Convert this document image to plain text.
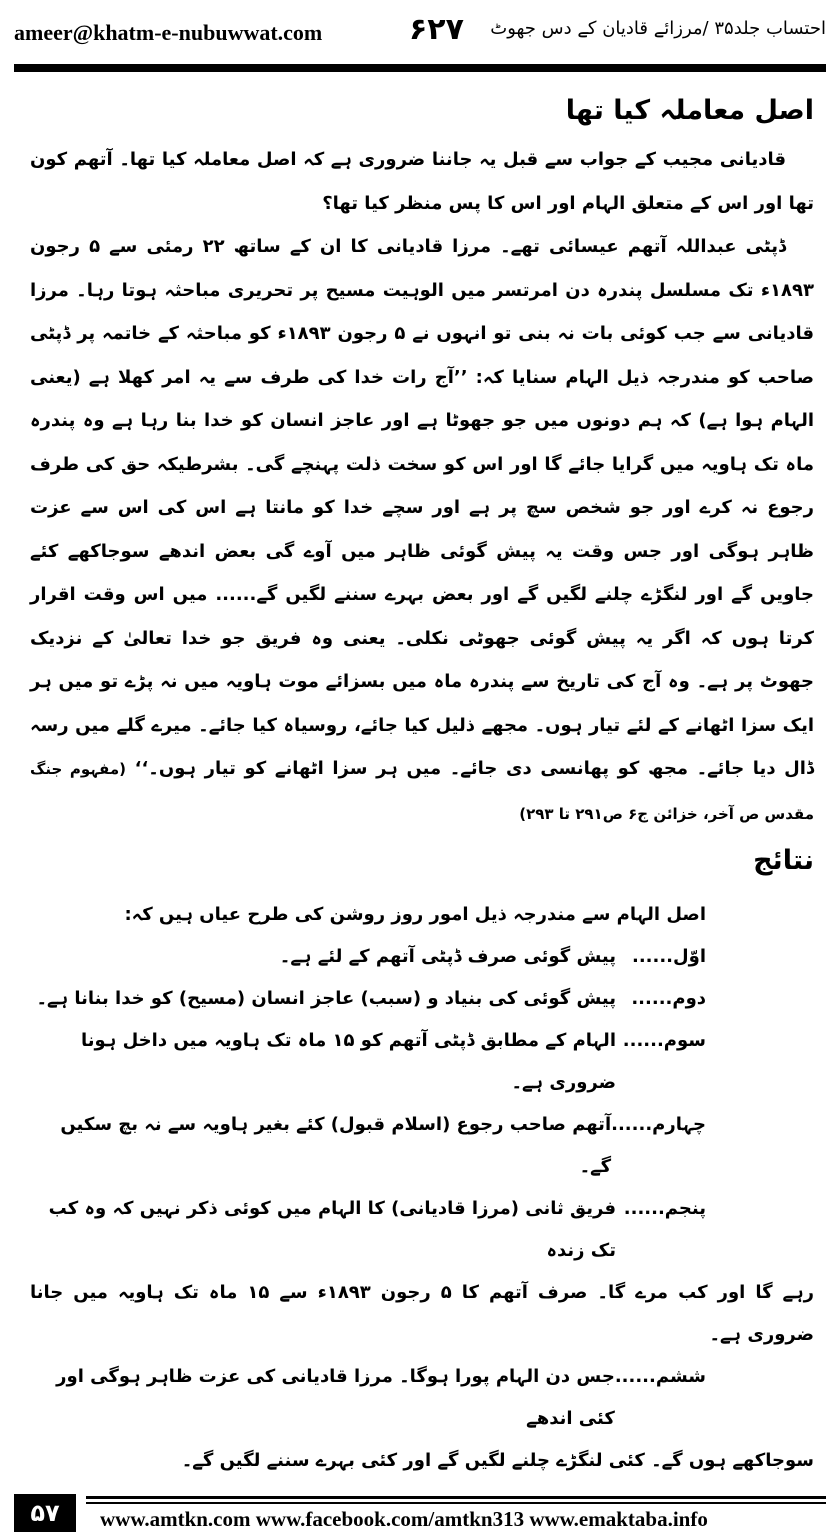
ameer@khatm-e-nubuwwat.com	۶۲۷ احتساب جلد۳۵ /مرزائے قادیان کے دس جھوٹ
اصل معاملہ کیا تھا

قادیانی مجیب کے جواب سے قبل یہ جاننا ضروری ہے کہ اصل معاملہ کیا تھا۔ آتھم کون تھا اور اس کے متعلق الہام اور اس کا پس منظر کیا تھا؟

ڈپٹی عبداللہ آتھم عیسائی تھے۔ مرزا قادیانی کا ان کے ساتھ ۲۲ رمئی سے ۵ رجون ۱۸۹۳ء تک مسلسل پندرہ دن امرتسر میں الوہیت مسیح پر تحریری مباحثہ ہوتا رہا۔ مرزا قادیانی سے جب کوئی بات نہ بنی تو انہوں نے ۵ رجون ۱۸۹۳ء کو مباحثہ کے خاتمہ پر ڈپٹی صاحب کو مندرجہ ذیل الہام سنایا کہ: ’’آج رات خدا کی طرف سے یہ امر کھلا ہے (یعنی الہام ہوا ہے) کہ ہم دونوں میں جو جھوٹا ہے اور عاجز انسان کو خدا بنا رہا ہے وہ پندرہ ماہ تک ہاویہ میں گرایا جائے گا اور اس کو سخت ذلت پہنچے گی۔ بشرطیکہ حق کی طرف رجوع نہ کرے اور جو شخص سچ پر ہے اور سچے خدا کو مانتا ہے اس کی اس سے عزت ظاہر ہوگی اور جس وقت یہ پیش گوئی ظاہر میں آوے گی بعض اندھے سوجاکھے کئے جاویں گے اور لنگڑے چلنے لگیں گے اور بعض بہرے سننے لگیں گے...... میں اس وقت اقرار کرتا ہوں کہ اگر یہ پیش گوئی جھوٹی نکلی۔ یعنی وہ فریق جو خدا تعالیٰ کے نزدیک جھوٹ پر ہے۔ وہ آج کی تاریخ سے پندرہ ماہ میں بسزائے موت ہاویہ میں نہ پڑے تو میں ہر ایک سزا اٹھانے کے لئے تیار ہوں۔ مجھے ذلیل کیا جائے، روسیاہ کیا جائے۔ میرے گلے میں رسہ ڈال دیا جائے۔ مجھ کو پھانسی دی جائے۔ میں ہر سزا اٹھانے کو تیار ہوں۔‘‘ (مفہوم جنگ مقدس ص آخر، خزائن ج۶ ص۲۹۱ تا ۲۹۳)

نتائج

اصل الہام سے مندرجہ ذیل امور روز روشن کی طرح عیاں ہیں کہ:

اوّل......
پیش گوئی صرف ڈپٹی آتھم کے لئے ہے۔
دوم......
پیش گوئی کی بنیاد و (سبب) عاجز انسان (مسیح) کو خدا بنانا ہے۔
سوم......
الہام کے مطابق ڈپٹی آتھم کو ۱۵ ماہ تک ہاویہ میں داخل ہونا ضروری ہے۔
چہارم......
آتھم صاحب رجوع (اسلام قبول) کئے بغیر ہاویہ سے نہ بچ سکیں گے۔
پنجم......
فریق ثانی (مرزا قادیانی) کا الہام میں کوئی ذکر نہیں کہ وہ کب تک زندہ

رہے گا اور کب مرے گا۔ صرف آتھم کا ۵ رجون ۱۸۹۳ء سے ۱۵ ماہ تک ہاویہ میں جانا ضروری ہے۔

ششم......
جس دن الہام پورا ہوگا۔ مرزا قادیانی کی عزت ظاہر ہوگی اور کئی اندھے

سوجاکھے ہوں گے۔ کئی لنگڑے چلنے لگیں گے اور کئی بہرے سننے لگیں گے۔

۵۷	www.amtkn.com www.facebook.com/amtkn313 www.emaktaba.info
